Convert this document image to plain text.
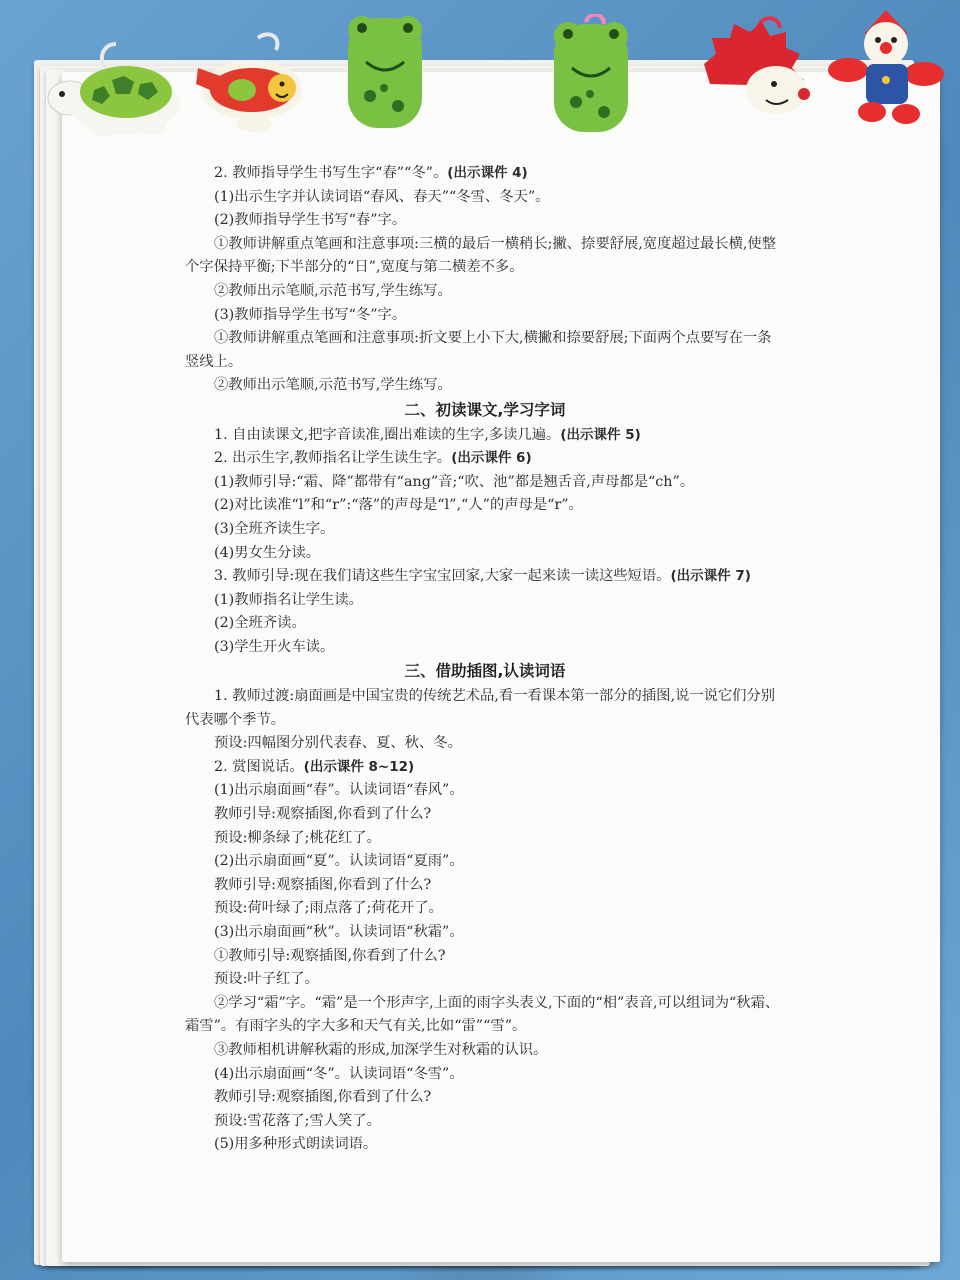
2. 教师指导学生书写生字“春”“冬”。(出示课件 4)
(1)出示生字并认读词语“春风、春天”“冬雪、冬天”。
(2)教师指导学生书写“春”字。
①教师讲解重点笔画和注意事项:三横的最后一横稍长;撇、捺要舒展,宽度超过最长横,使整个字保持平衡;下半部分的“日”,宽度与第二横差不多。
②教师出示笔顺,示范书写,学生练写。
(3)教师指导学生书写“冬”字。
①教师讲解重点笔画和注意事项:折文要上小下大,横撇和捺要舒展;下面两个点要写在一条竖线上。
②教师出示笔顺,示范书写,学生练写。
二、初读课文,学习字词
1. 自由读课文,把字音读准,圈出难读的生字,多读几遍。(出示课件 5)
2. 出示生字,教师指名让学生读生字。(出示课件 6)
(1)教师引导:“霜、降”都带有“ang”音;“吹、池”都是翘舌音,声母都是“ch”。
(2)对比读准“l”和“r”:“落”的声母是“l”,“人”的声母是“r”。
(3)全班齐读生字。
(4)男女生分读。
3. 教师引导:现在我们请这些生字宝宝回家,大家一起来读一读这些短语。(出示课件 7)
(1)教师指名让学生读。
(2)全班齐读。
(3)学生开火车读。
三、借助插图,认读词语
1. 教师过渡:扇面画是中国宝贵的传统艺术品,看一看课本第一部分的插图,说一说它们分别代表哪个季节。
预设:四幅图分别代表春、夏、秋、冬。
2. 赏图说话。(出示课件 8~12)
(1)出示扇面画“春”。认读词语“春风”。
教师引导:观察插图,你看到了什么?
预设:柳条绿了;桃花红了。
(2)出示扇面画“夏”。认读词语“夏雨”。
教师引导:观察插图,你看到了什么?
预设:荷叶绿了;雨点落了;荷花开了。
(3)出示扇面画“秋”。认读词语“秋霜”。
①教师引导:观察插图,你看到了什么?
预设:叶子红了。
②学习“霜”字。“霜”是一个形声字,上面的雨字头表义,下面的“相”表音,可以组词为“秋霜、霜雪”。有雨字头的字大多和天气有关,比如“雷”“雪”。
③教师相机讲解秋霜的形成,加深学生对秋霜的认识。
(4)出示扇面画“冬”。认读词语“冬雪”。
教师引导:观察插图,你看到了什么?
预设:雪花落了;雪人笑了。
(5)用多种形式朗读词语。
